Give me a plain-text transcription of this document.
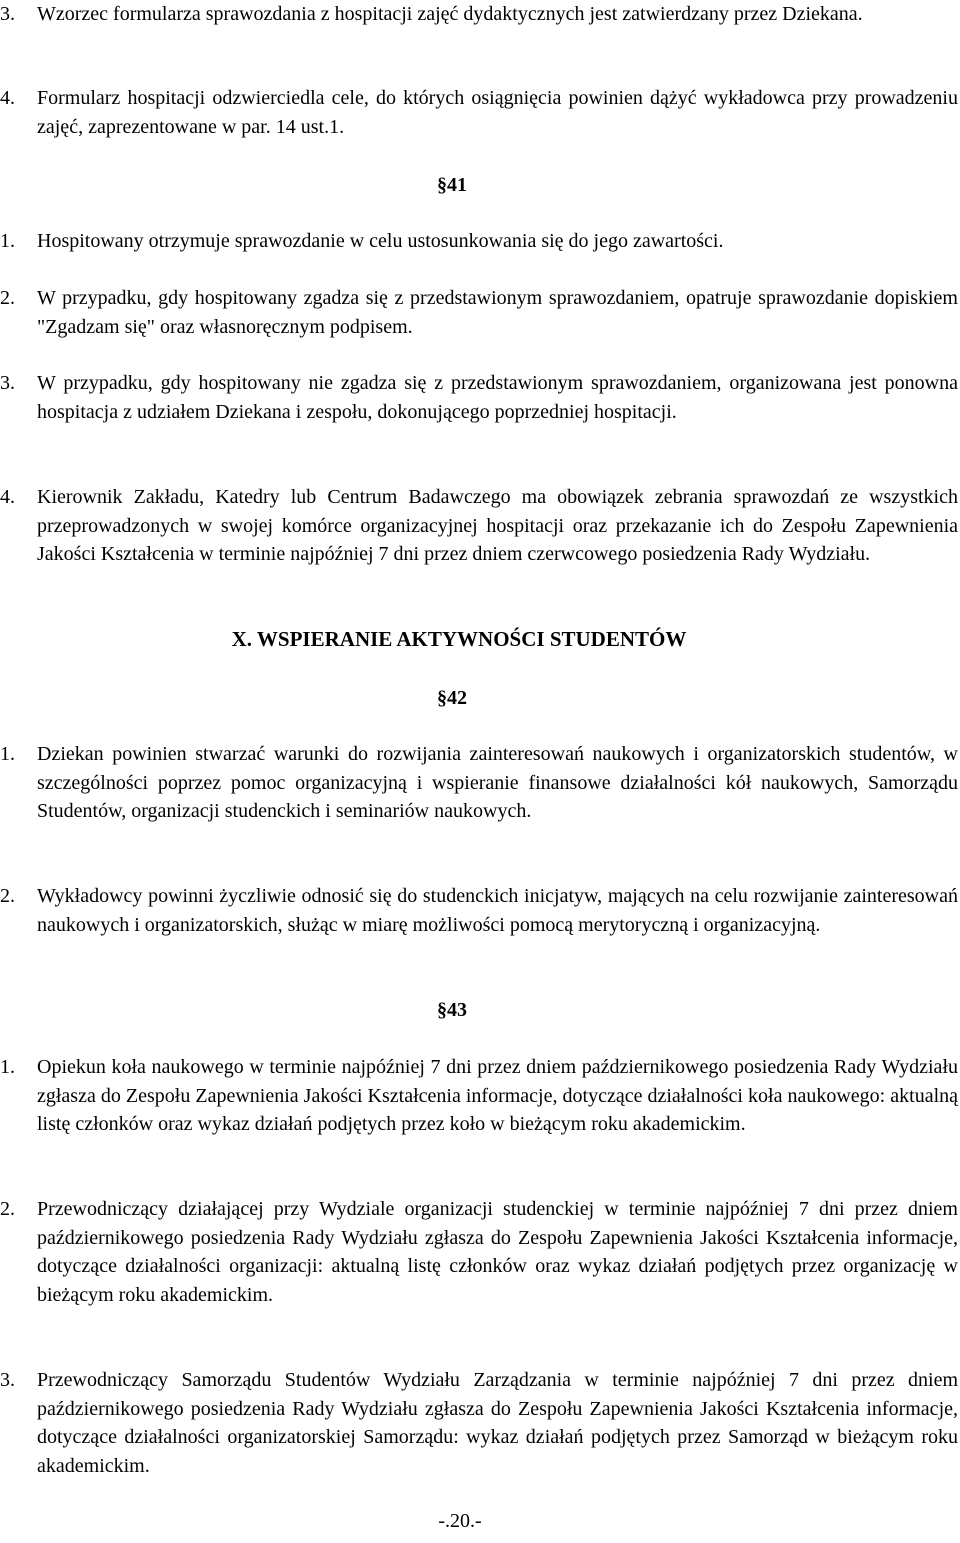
3.	Wzorzec formularza sprawozdania z hospitacji zajęć dydaktycznych jest zatwierdzany przez Dziekana.
4.	Formularz hospitacji odzwierciedla cele, do których osiągnięcia powinien dążyć wykładowca przy prowadzeniu zajęć, zaprezentowane w par. 14 ust.1.
§41
1.	Hospitowany otrzymuje sprawozdanie w celu ustosunkowania się do jego zawartości.
2.	W przypadku, gdy hospitowany zgadza się z przedstawionym sprawozdaniem, opatruje sprawozdanie dopiskiem "Zgadzam się" oraz własnoręcznym podpisem.
3.	W przypadku, gdy hospitowany nie zgadza się z przedstawionym sprawozdaniem, organizowana jest ponowna hospitacja z udziałem Dziekana i zespołu, dokonującego poprzedniej hospitacji.
4.	Kierownik Zakładu, Katedry lub Centrum Badawczego ma obowiązek zebrania sprawozdań ze wszystkich przeprowadzonych w swojej komórce organizacyjnej hospitacji oraz przekazanie ich do Zespołu Zapewnienia Jakości Kształcenia w terminie najpóźniej 7 dni przez dniem czerwcowego posiedzenia Rady Wydziału.
X. WSPIERANIE AKTYWNOŚCI STUDENTÓW
§42
1.	Dziekan powinien stwarzać warunki do rozwijania zainteresowań naukowych i organizatorskich studentów, w szczególności poprzez pomoc organizacyjną i wspieranie finansowe działalności kół naukowych, Samorządu Studentów, organizacji studenckich i seminariów naukowych.
2.	Wykładowcy powinni życzliwie odnosić się do studenckich inicjatyw, mających na celu rozwijanie zainteresowań naukowych i organizatorskich, służąc w miarę możliwości pomocą merytoryczną i organizacyjną.
§43
1.	Opiekun koła naukowego w terminie najpóźniej 7 dni przez dniem październikowego posiedzenia Rady Wydziału zgłasza do Zespołu Zapewnienia Jakości Kształcenia informacje, dotyczące działalności koła naukowego: aktualną listę członków oraz wykaz działań podjętych przez koło w bieżącym roku akademickim.
2.	Przewodniczący działającej przy Wydziale organizacji studenckiej w terminie najpóźniej 7 dni przez dniem październikowego posiedzenia Rady Wydziału zgłasza do Zespołu Zapewnienia Jakości Kształcenia informacje, dotyczące działalności organizacji: aktualną listę członków oraz wykaz działań podjętych przez organizację w bieżącym roku akademickim.
3.	Przewodniczący Samorządu Studentów Wydziału Zarządzania w terminie najpóźniej 7 dni przez dniem październikowego posiedzenia Rady Wydziału zgłasza do Zespołu Zapewnienia Jakości Kształcenia informacje, dotyczące działalności organizatorskiej Samorządu: wykaz działań podjętych przez Samorząd w bieżącym roku akademickim.
-.20.-
